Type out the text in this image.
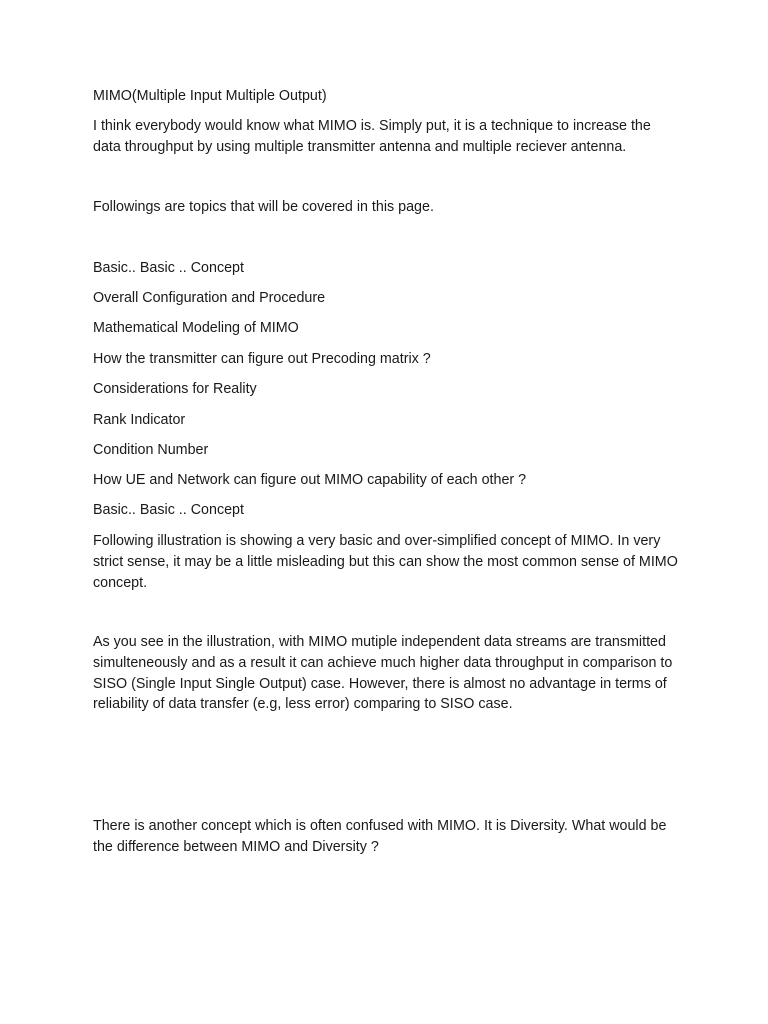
MIMO(Multiple Input Multiple Output)

I think everybody would know what MIMO is. Simply put, it is a technique to increase the data throughput by using multiple transmitter antenna and multiple reciever antenna.

Followings are topics that will be covered in this page.

Basic.. Basic .. Concept

Overall Configuration and Procedure

Mathematical Modeling of MIMO

How the transmitter can figure out Precoding matrix ?

Considerations for Reality

Rank Indicator

Condition Number

How UE and Network can figure out MIMO capability of each other ?

Basic.. Basic .. Concept

Following illustration is showing a very basic and over-simplified concept of MIMO. In very strict sense, it may be a little misleading but this can show the most common sense of MIMO concept.

As you see in the illustration, with MIMO mutiple independent data streams are transmitted simulteneously and as a result it can achieve much higher data throughput in comparison to SISO (Single Input Single Output) case. However, there is almost no advantage in terms of reliability of data transfer (e.g, less error) comparing to SISO case.

There is another concept which is often confused with MIMO. It is Diversity. What would be the difference between MIMO and Diversity ?
